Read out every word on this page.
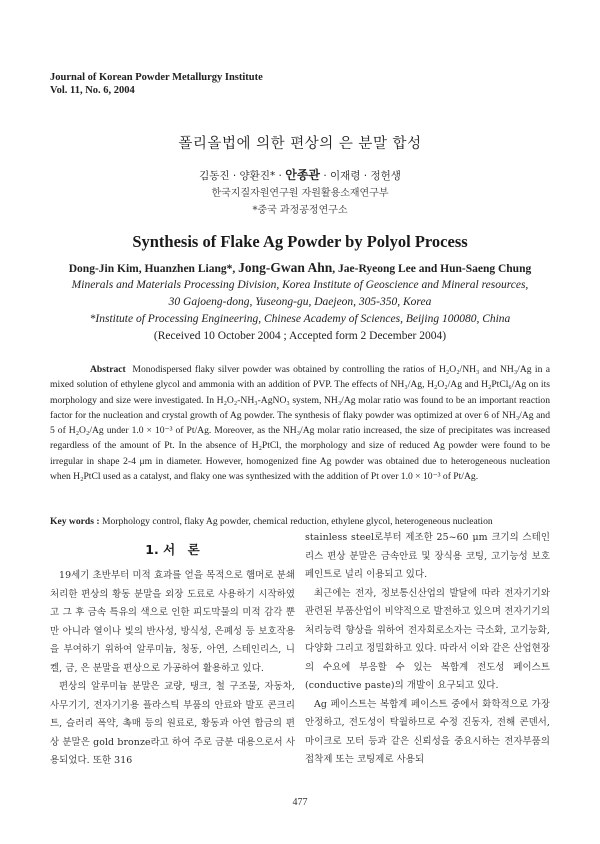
Journal of Korean Powder Metallurgy Institute
Vol. 11, No. 6, 2004
폴리올법에 의한 편상의 은 분말 합성
김동진 · 양환진* · 안종관 · 이재령 · 정헌생
한국지질자원연구원 자원활용소재연구부
*중국 과정공정연구소
Synthesis of Flake Ag Powder by Polyol Process
Dong-Jin Kim, Huanzhen Liang*, Jong-Gwan Ahn, Jae-Ryeong Lee and Hun-Saeng Chung
Minerals and Materials Processing Division, Korea Institute of Geoscience and Mineral resources,
30 Gajoeng-dong, Yuseong-gu, Daejeon, 305-350, Korea
*Institute of Processing Engineering, Chinese Academy of Sciences, Beijing 100080, China
(Received 10 October 2004 ; Accepted form 2 December 2004)
Abstract Monodispersed flaky silver powder was obtained by controlling the ratios of H₂O₂/NH₃ and NH₃/Ag in a mixed solution of ethylene glycol and ammonia with an addition of PVP. The effects of NH₃/Ag, H₂O₂/Ag and H₂PtCl₆/Ag on its morphology and size were investigated. In H₂O₂-NH₃-AgNO₃ system, NH₃/Ag molar ratio was found to be an important reaction factor for the nucleation and crystal growth of Ag powder. The synthesis of flaky powder was optimized at over 6 of NH₃/Ag and 5 of H₂O₂/Ag under 1.0 × 10⁻³ of Pt/Ag. Moreover, as the NH₃/Ag molar ratio increased, the size of precipitates was increased regardless of the amount of Pt. In the absence of H₂PtCl, the morphology and size of reduced Ag powder were found to be irregular in shape 2-4 μm in diameter. However, homogenized fine Ag powder was obtained due to heterogeneous nucleation when H₂PtCl used as a catalyst, and flaky one was synthesized with the addition of Pt over 1.0 × 10⁻³ of Pt/Ag.
Key words : Morphology control, flaky Ag powder, chemical reduction, ethylene glycol, heterogeneous nucleation
1. 서　론

19세기 초반부터 미적 효과를 얻을 목적으로 햄머로 분쇄처리한 편상의 황동 분말을 외장 도료로 사용하기 시작하였고 그 후 금속 특유의 색으로 인한 피도막물의 미적 감각 뿐만 아니라 열이나 빛의 반사성, 방식성, 은폐성 등 보호작용을 부여하기 위하여 알루미늄, 청동, 아연, 스테인리스, 니켈, 금, 은 분말을 편상으로 가공하여 활용하고 있다.

편상의 알루미늄 분말은 교량, 탱크, 철 구조물, 자동차, 사무기기, 전자기기용 플라스틱 부품의 안료와 발포 콘크리트, 슬러리 폭약, 촉매 등의 원료로, 황동과 아연 합금의 편상 분말은 gold bronze라고 하여 주로 금분 대용으로서 사용되었다. 또한 316

stainless steel로부터 제조한 25~60 μm 크기의 스테인리스 편상 분말은 금속안료 및 장식용 코팅, 고기능성 보호 페인트로 널리 이용되고 있다.

최근에는 전자, 정보통신산업의 발달에 따라 전자기기와 관련된 부품산업이 비약적으로 발전하고 있으며 전자기기의 처리능력 향상을 위하여 전자회로소자는 극소화, 고기능화, 다양화 그리고 정밀화하고 있다. 따라서 이와 같은 산업현장의 수요에 부응할 수 있는 복합계 전도성 페이스트(conductive paste)의 개발이 요구되고 있다.

Ag 페이스트는 복합계 페이스트 중에서 화학적으로 가장 안정하고, 전도성이 탁월하므로 수정 진동자, 전해 콘덴서, 마이크로 모터 등과 같은 신뢰성을 중요시하는 전자부품의 접착제 또는 코팅제로 사용되

477
